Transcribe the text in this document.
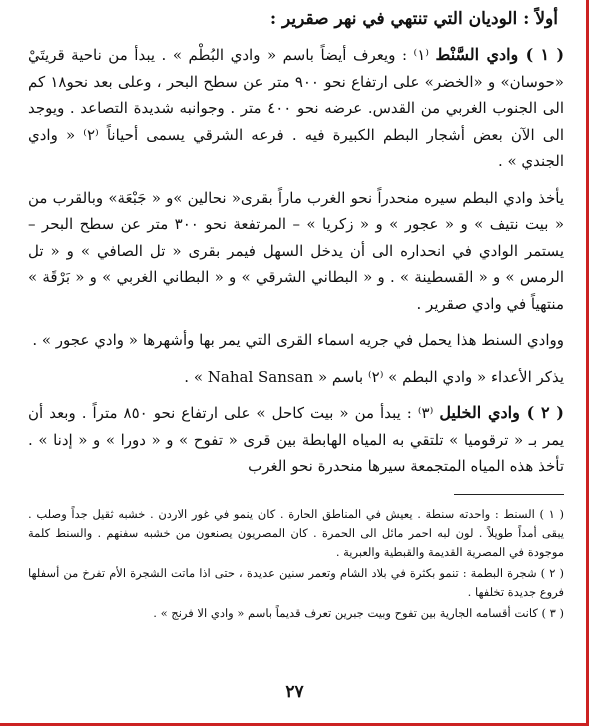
أولاً : الوديان التي تنتهي في نهر صقرير :

( ١ ) وادي السَّنْط ⁽١⁾ : ويعرف أيضاً باسم « وادي البُطْم » . يبدأ من ناحية قريتَيْ «حوسان» و «الخضر» على ارتفاع نحو ٩٠٠ متر عن سطح البحر ، وعلى بعد نحو١٨ كم الى الجنوب الغربي من القدس. عرضه نحو ٤٠٠ متر . وجوانبه شديدة التصاعد . ويوجد الى الآن بعض أشجار البطم الكبيرة فيه . فرعه الشرقي يسمى أحياناً ⁽٢⁾ « وادي الجندي » .

يأخذ وادي البطم سيره منحدراً نحو الغرب ماراً بقرى« نحالين »و « جَبْعَة» وبالقرب من « بيت نتيف » و « عجور » و « زكريا » – المرتفعة نحو ٣٠٠ متر عن سطح البحر – يستمر الوادي في انحداره الى أن يدخل السهل فيمر بقرى « تل الصافي » و « تل الرمس » و « القسطينة » . و « البطاني الشرقي » و « البطاني الغربي » و « بَرْقَة » منتهياً في وادي صقرير .

ووادي السنط هذا يحمل في جريه اسماء القرى التي يمر بها وأشهرها « وادي عجور » .

يذكر الأعداء « وادي البطم » ⁽٢⁾ باسم « Nahal Sansan » .

( ٢ ) وادي الخليل ⁽٣⁾ : يبدأ من « بيت كاحل » على ارتفاع نحو ٨٥٠ متراً . وبعد أن يمر بـ « ترقوميا » تلتقي به المياه الهابطة بين قرى « تفوح » و « دورا » و « إدنا » . تأخذ هذه المياه المتجمعة سيرها منحدرة نحو الغرب

( ١ ) السنط : واحدته سنطة . يعيش في المناطق الحارة . كان ينمو في غور الاردن . خشبه ثقيل جداً وصلب . يبقى أمداً طويلاً . لون لبه احمر مائل الى الحمرة . كان المصريون يصنعون من خشبه سفنهم . والسنط كلمة موجودة في المصرية القديمة والقبطية والعبرية .

( ٢ ) شجرة البطمة : تنمو بكثرة في بلاد الشام وتعمر سنين عديدة ، حتى اذا ماتت الشجرة الأم تفرخ من أسفلها فروع جديدة تخلفها .

( ٣ ) كانت أقسامه الجارية بين تفوح وبيت جبرين تعرف قديماً باسم « وادي الا فرنج » .

٢٧
